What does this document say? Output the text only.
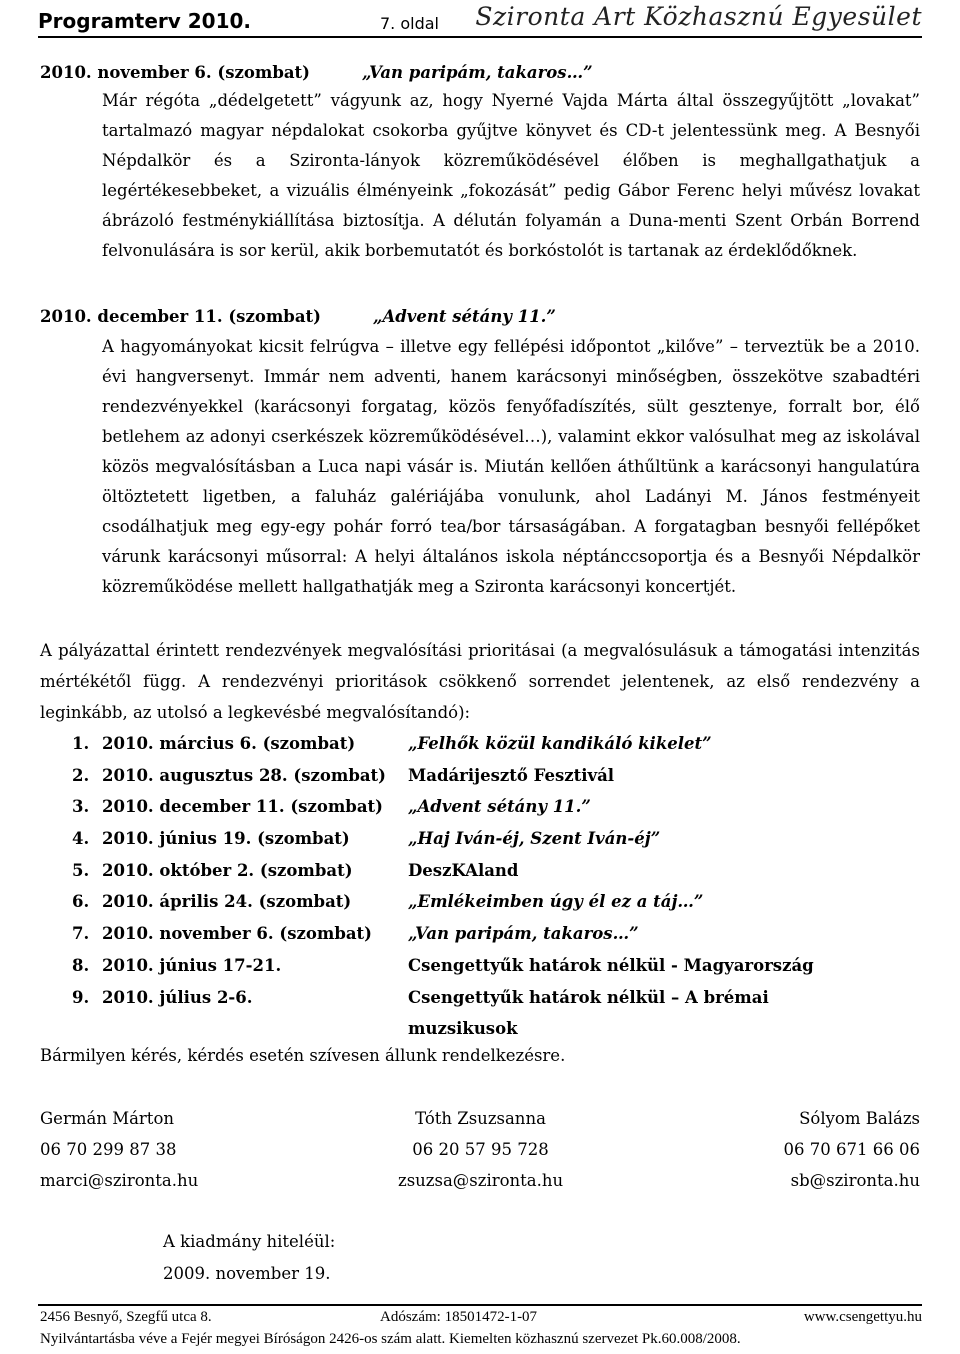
Programterv 2010.	7. oldal Szironta Art Közhasznú Egyesület
2010. november 6. (szombat)	„Van paripám, takaros…”
Már régóta „dédelgetett” vágyunk az, hogy Nyerné Vajda Márta által összegyűjtött „lovakat” tartalmazó magyar népdalokat csokorba gyűjtve könyvet és CD-t jelentessünk meg. A Besnyői Népdalkör és a Szironta-lányok közreműködésével élőben is meghallgathatjuk a legértékesebbeket, a vizuális élményeink „fokozását” pedig Gábor Ferenc helyi művész lovakat ábrázoló festménykiállítása biztosítja. A délután folyamán a Duna-menti Szent Orbán Borrend felvonulására is sor kerül, akik borbemutatót és borkóstolót is tartanak az érdeklődőknek.
2010. december 11. (szombat)	„Advent sétány 11.”
A hagyományokat kicsit felrúgva – illetve egy fellépési időpontot „kilőve” – terveztük be a 2010. évi hangversenyt. Immár nem adventi, hanem karácsonyi minőségben, összekötve szabadtéri rendezvényekkel (karácsonyi forgatag, közös fenyőfadíszítés, sült gesztenye, forralt bor, élő betlehem az adonyi cserkészek közreműködésével…), valamint ekkor valósulhat meg az iskolával közös megvalósításban a Luca napi vásár is. Miután kellően áthűltünk a karácsonyi hangulatúra öltöztetett ligetben, a faluház galériájába vonulunk, ahol Ladányi M. János festményeit csodálhatjuk meg egy-egy pohár forró tea/bor társaságában. A forgatagban besnyői fellépőket várunk karácsonyi műsorral: A helyi általános iskola néptánccsoportja és a Besnyői Népdalkör közreműködése mellett hallgathatják meg a Szironta karácsonyi koncertjét.
A pályázattal érintett rendezvények megvalósítási prioritásai (a megvalósulásuk a támogatási intenzitás mértékétől függ. A rendezvényi prioritások csökkenő sorrendet jelentenek, az első rendezvény a leginkább, az utolsó a legkevésbé megvalósítandó):
1. 2010. március 6. (szombat)	„Felhők közül kandikáló kikelet”
2. 2010. augusztus 28. (szombat) Madárijesztő Fesztivál
3. 2010. december 11. (szombat) „Advent sétány 11.”
4. 2010. június 19. (szombat)	„Haj Iván-éj, Szent Iván-éj”
5. 2010. október 2. (szombat)	DeszKAland
6. 2010. április 24. (szombat)	„Emlékeimben úgy él ez a táj…”
7. 2010. november 6. (szombat) „Van paripám, takaros…”
8. 2010. június 17-21.	Csengettyűk határok nélkül - Magyarország
9. 2010. július 2-6.	Csengettyűk határok nélkül – A brémai muzsikusok
Bármilyen kérés, kérdés esetén szívesen állunk rendelkezésre.
Germán Márton
06 70 299 87 38
marci@szironta.hu
Tóth Zsuzsanna
06 20 57 95 728
zsuzsa@szironta.hu
Sólyom Balázs
06 70 671 66 06
sb@szironta.hu
A kiadmány hiteléül:
2009. november 19.
2456 Besnyő, Szegfű utca 8.	Adószám: 18501472-1-07	www.csengettyu.hu
Nyilvántartásba véve a Fejér megyei Bíróságon 2426-os szám alatt. Kiemelten közhasznú szervezet Pk.60.008/2008.
